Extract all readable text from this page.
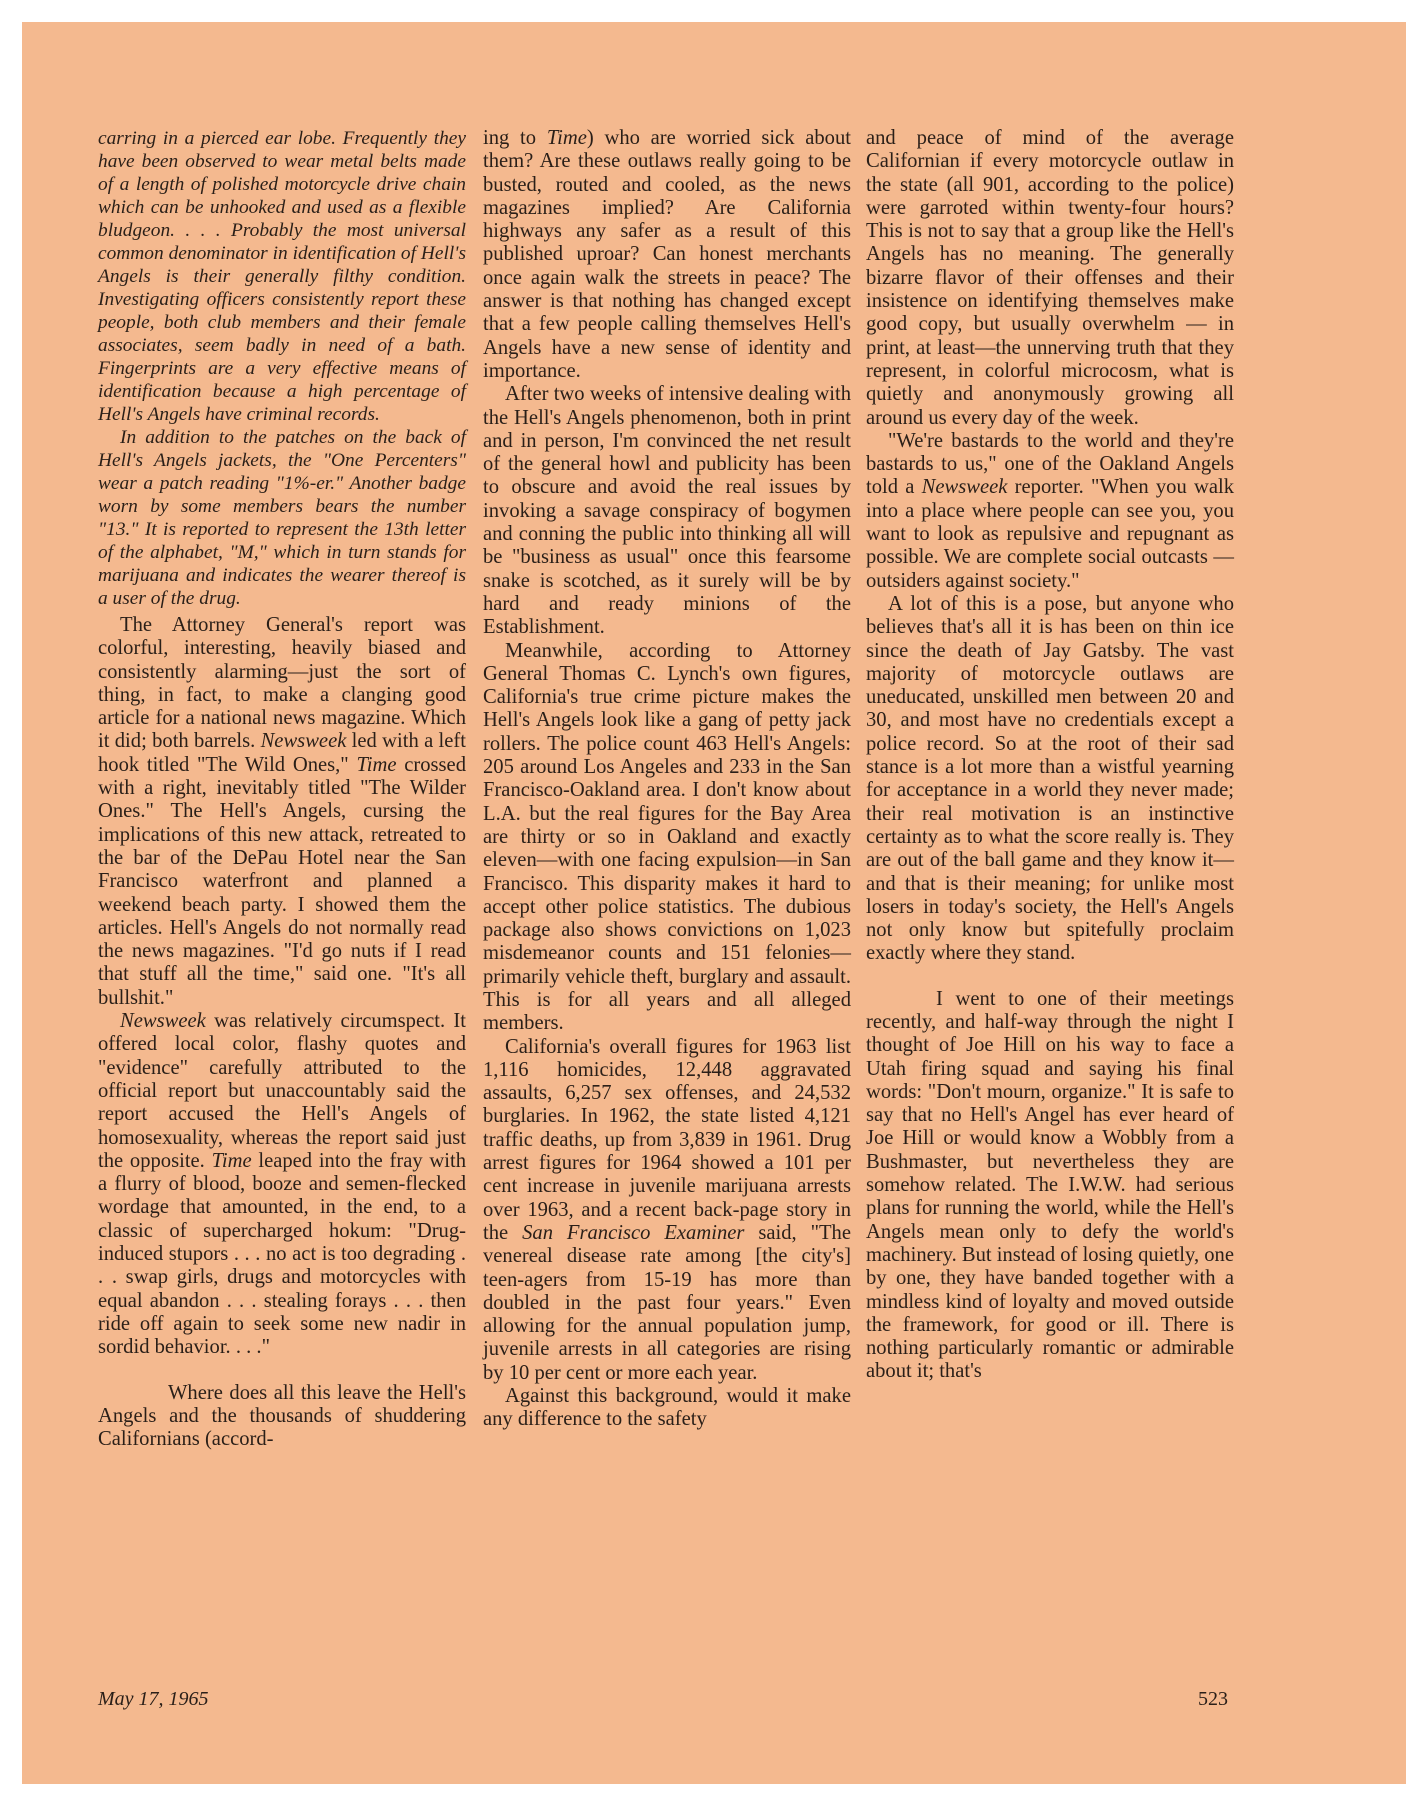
carring in a pierced ear lobe. Frequently they have been observed to wear metal belts made of a length of polished motorcycle drive chain which can be unhooked and used as a flexible bludgeon. . . . Probably the most universal common denominator in identification of Hell's Angels is their generally filthy condition. Investigating officers consistently report these people, both club members and their female associates, seem badly in need of a bath. Fingerprints are a very effective means of identification because a high percentage of Hell's Angels have criminal records.

In addition to the patches on the back of Hell's Angels jackets, the "One Percenters" wear a patch reading "1%-er." Another badge worn by some members bears the number "13." It is reported to represent the 13th letter of the alphabet, "M," which in turn stands for marijuana and indicates the wearer thereof is a user of the drug.

The Attorney General's report was colorful, interesting, heavily biased and consistently alarming—just the sort of thing, in fact, to make a clanging good article for a national news magazine. Which it did; both barrels. Newsweek led with a left hook titled "The Wild Ones," Time crossed with a right, inevitably titled "The Wilder Ones." The Hell's Angels, cursing the implications of this new attack, retreated to the bar of the DePau Hotel near the San Francisco waterfront and planned a weekend beach party. I showed them the articles. Hell's Angels do not normally read the news magazines. "I'd go nuts if I read that stuff all the time," said one. "It's all bullshit."

Newsweek was relatively circumspect. It offered local color, flashy quotes and "evidence" carefully attributed to the official report but unaccountably said the report accused the Hell's Angels of homosexuality, whereas the report said just the opposite. Time leaped into the fray with a flurry of blood, booze and semen-flecked wordage that amounted, in the end, to a classic of supercharged hokum: "Drug-induced stupors . . . no act is too degrading . . . swap girls, drugs and motorcycles with equal abandon . . . stealing forays . . . then ride off again to seek some new nadir in sordid behavior. . . ."

Where does all this leave the Hell's Angels and the thousands of shuddering Californians (accord-

ing to Time) who are worried sick about them? Are these outlaws really going to be busted, routed and cooled, as the news magazines implied? Are California highways any safer as a result of this published uproar? Can honest merchants once again walk the streets in peace? The answer is that nothing has changed except that a few people calling themselves Hell's Angels have a new sense of identity and importance.

After two weeks of intensive dealing with the Hell's Angels phenomenon, both in print and in person, I'm convinced the net result of the general howl and publicity has been to obscure and avoid the real issues by invoking a savage conspiracy of bogymen and conning the public into thinking all will be "business as usual" once this fearsome snake is scotched, as it surely will be by hard and ready minions of the Establishment.

Meanwhile, according to Attorney General Thomas C. Lynch's own figures, California's true crime picture makes the Hell's Angels look like a gang of petty jack rollers. The police count 463 Hell's Angels: 205 around Los Angeles and 233 in the San Francisco-Oakland area. I don't know about L.A. but the real figures for the Bay Area are thirty or so in Oakland and exactly eleven—with one facing expulsion—in San Francisco. This disparity makes it hard to accept other police statistics. The dubious package also shows convictions on 1,023 misdemeanor counts and 151 felonies—primarily vehicle theft, burglary and assault. This is for all years and all alleged members.

California's overall figures for 1963 list 1,116 homicides, 12,448 aggravated assaults, 6,257 sex offenses, and 24,532 burglaries. In 1962, the state listed 4,121 traffic deaths, up from 3,839 in 1961. Drug arrest figures for 1964 showed a 101 per cent increase in juvenile marijuana arrests over 1963, and a recent back-page story in the San Francisco Examiner said, "The venereal disease rate among [the city's] teen-agers from 15-19 has more than doubled in the past four years." Even allowing for the annual population jump, juvenile arrests in all categories are rising by 10 per cent or more each year.

Against this background, would it make any difference to the safety

and peace of mind of the average Californian if every motorcycle outlaw in the state (all 901, according to the police) were garroted within twenty-four hours? This is not to say that a group like the Hell's Angels has no meaning. The generally bizarre flavor of their offenses and their insistence on identifying themselves make good copy, but usually overwhelm — in print, at least—the unnerving truth that they represent, in colorful microcosm, what is quietly and anonymously growing all around us every day of the week.

"We're bastards to the world and they're bastards to us," one of the Oakland Angels told a Newsweek reporter. "When you walk into a place where people can see you, you want to look as repulsive and repugnant as possible. We are complete social outcasts — outsiders against society."

A lot of this is a pose, but anyone who believes that's all it is has been on thin ice since the death of Jay Gatsby. The vast majority of motorcycle outlaws are uneducated, unskilled men between 20 and 30, and most have no credentials except a police record. So at the root of their sad stance is a lot more than a wistful yearning for acceptance in a world they never made; their real motivation is an instinctive certainty as to what the score really is. They are out of the ball game and they know it—and that is their meaning; for unlike most losers in today's society, the Hell's Angels not only know but spitefully proclaim exactly where they stand.

I went to one of their meetings recently, and half-way through the night I thought of Joe Hill on his way to face a Utah firing squad and saying his final words: "Don't mourn, organize." It is safe to say that no Hell's Angel has ever heard of Joe Hill or would know a Wobbly from a Bushmaster, but nevertheless they are somehow related. The I.W.W. had serious plans for running the world, while the Hell's Angels mean only to defy the world's machinery. But instead of losing quietly, one by one, they have banded together with a mindless kind of loyalty and moved outside the framework, for good or ill. There is nothing particularly romantic or admirable about it; that's

May 17, 1965	523
